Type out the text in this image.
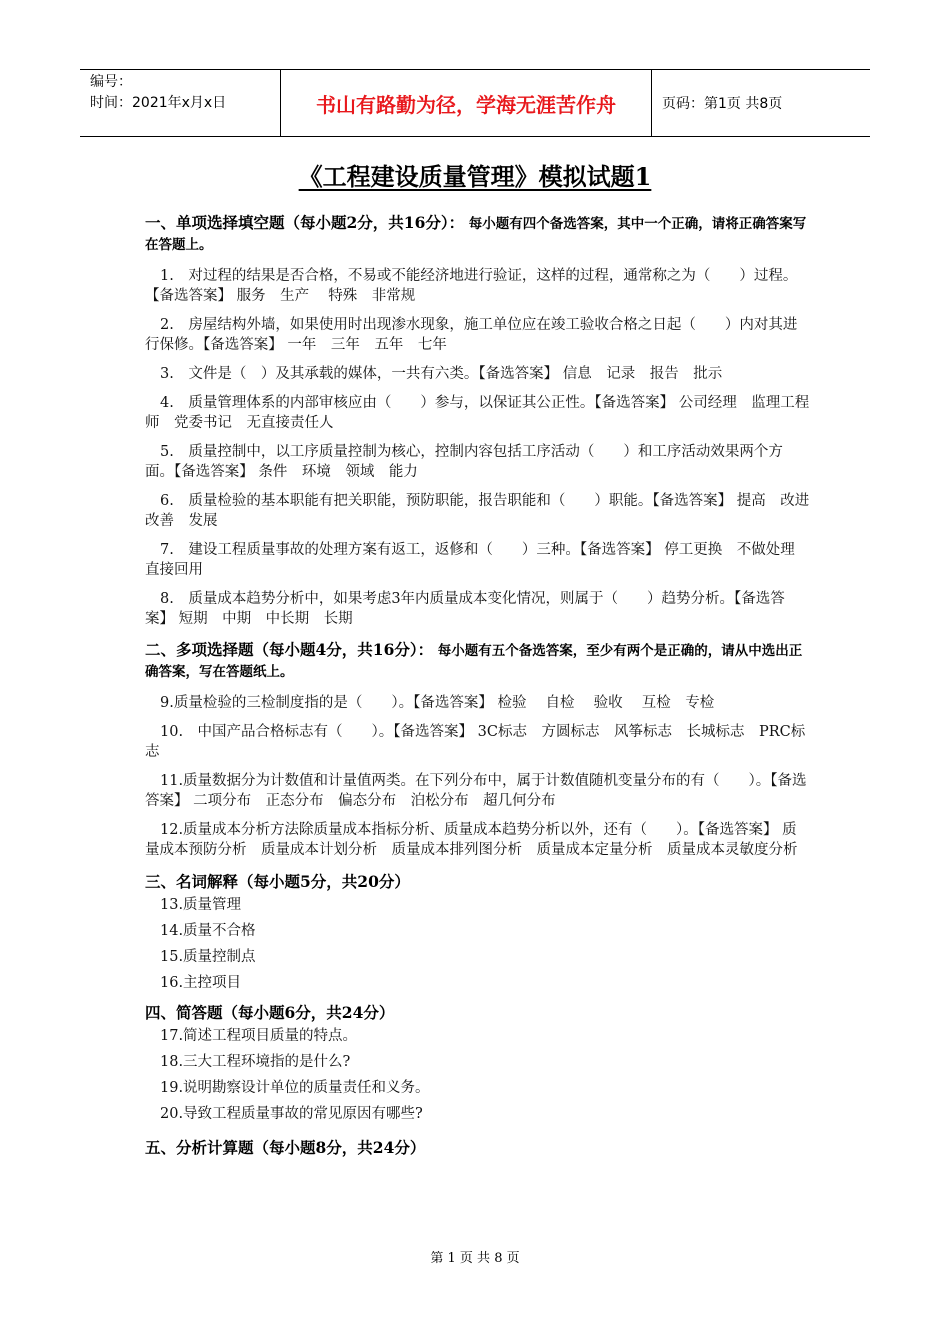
编号：
时间：2021年x月x日	书山有路勤为径，学海无涯苦作舟	页码：第1页 共8页
《工程建设质量管理》模拟试题1
一、单项选择填空题（每小题2分，共16分）： 每小题有四个备选答案，其中一个正确，请将正确答案写在答题上。
1.　对过程的结果是否合格，不易或不能经济地进行验证，这样的过程，通常称之为（　　）过程。【备选答案】 服务　生产　 特殊　非常规
2.　房屋结构外墙，如果使用时出现渗水现象，施工单位应在竣工验收合格之日起（　　）内对其进行保修。【备选答案】 一年　三年　五年　七年
3.　文件是（　）及其承载的媒体，一共有六类。【备选答案】 信息　记录　报告　批示
4.　质量管理体系的内部审核应由（　　）参与，以保证其公正性。【备选答案】 公司经理　监理工程师　党委书记　无直接责任人
5.　质量控制中，以工序质量控制为核心，控制内容包括工序活动（　　）和工序活动效果两个方面。【备选答案】 条件　环境　领域　能力
6.　质量检验的基本职能有把关职能，预防职能，报告职能和（　　）职能。【备选答案】 提高　改进　改善　发展
7.　建设工程质量事故的处理方案有返工，返修和（　　）三种。【备选答案】 停工更换　不做处理　直接回用
8.　质量成本趋势分析中，如果考虑3年内质量成本变化情况，则属于（　　）趋势分析。【备选答案】 短期　中期　中长期　长期
二、多项选择题（每小题4分，共16分）： 每小题有五个备选答案，至少有两个是正确的，请从中选出正确答案，写在答题纸上。
9.质量检验的三检制度指的是（　　）。【备选答案】 检验　 自检　 验收　 互检　专检
10.　中国产品合格标志有（　　）。【备选答案】 3C标志　方圆标志　风筝标志　长城标志　PRC标志
11.质量数据分为计数值和计量值两类。在下列分布中，属于计数值随机变量分布的有（　　）。【备选答案】 二项分布　正态分布　偏态分布　泊松分布　超几何分布
12.质量成本分析方法除质量成本指标分析、质量成本趋势分析以外，还有（　　）。【备选答案】 质量成本预防分析　质量成本计划分析　质量成本排列图分析　质量成本定量分析　质量成本灵敏度分析
三、名词解释（每小题5分，共20分）
13.质量管理
14.质量不合格
15.质量控制点
16.主控项目
四、简答题（每小题6分，共24分）
17.简述工程项目质量的特点。
18.三大工程环境指的是什么?
19.说明勘察设计单位的质量责任和义务。
20.导致工程质量事故的常见原因有哪些?
五、分析计算题（每小题8分，共24分）
第 1 页 共 8 页
